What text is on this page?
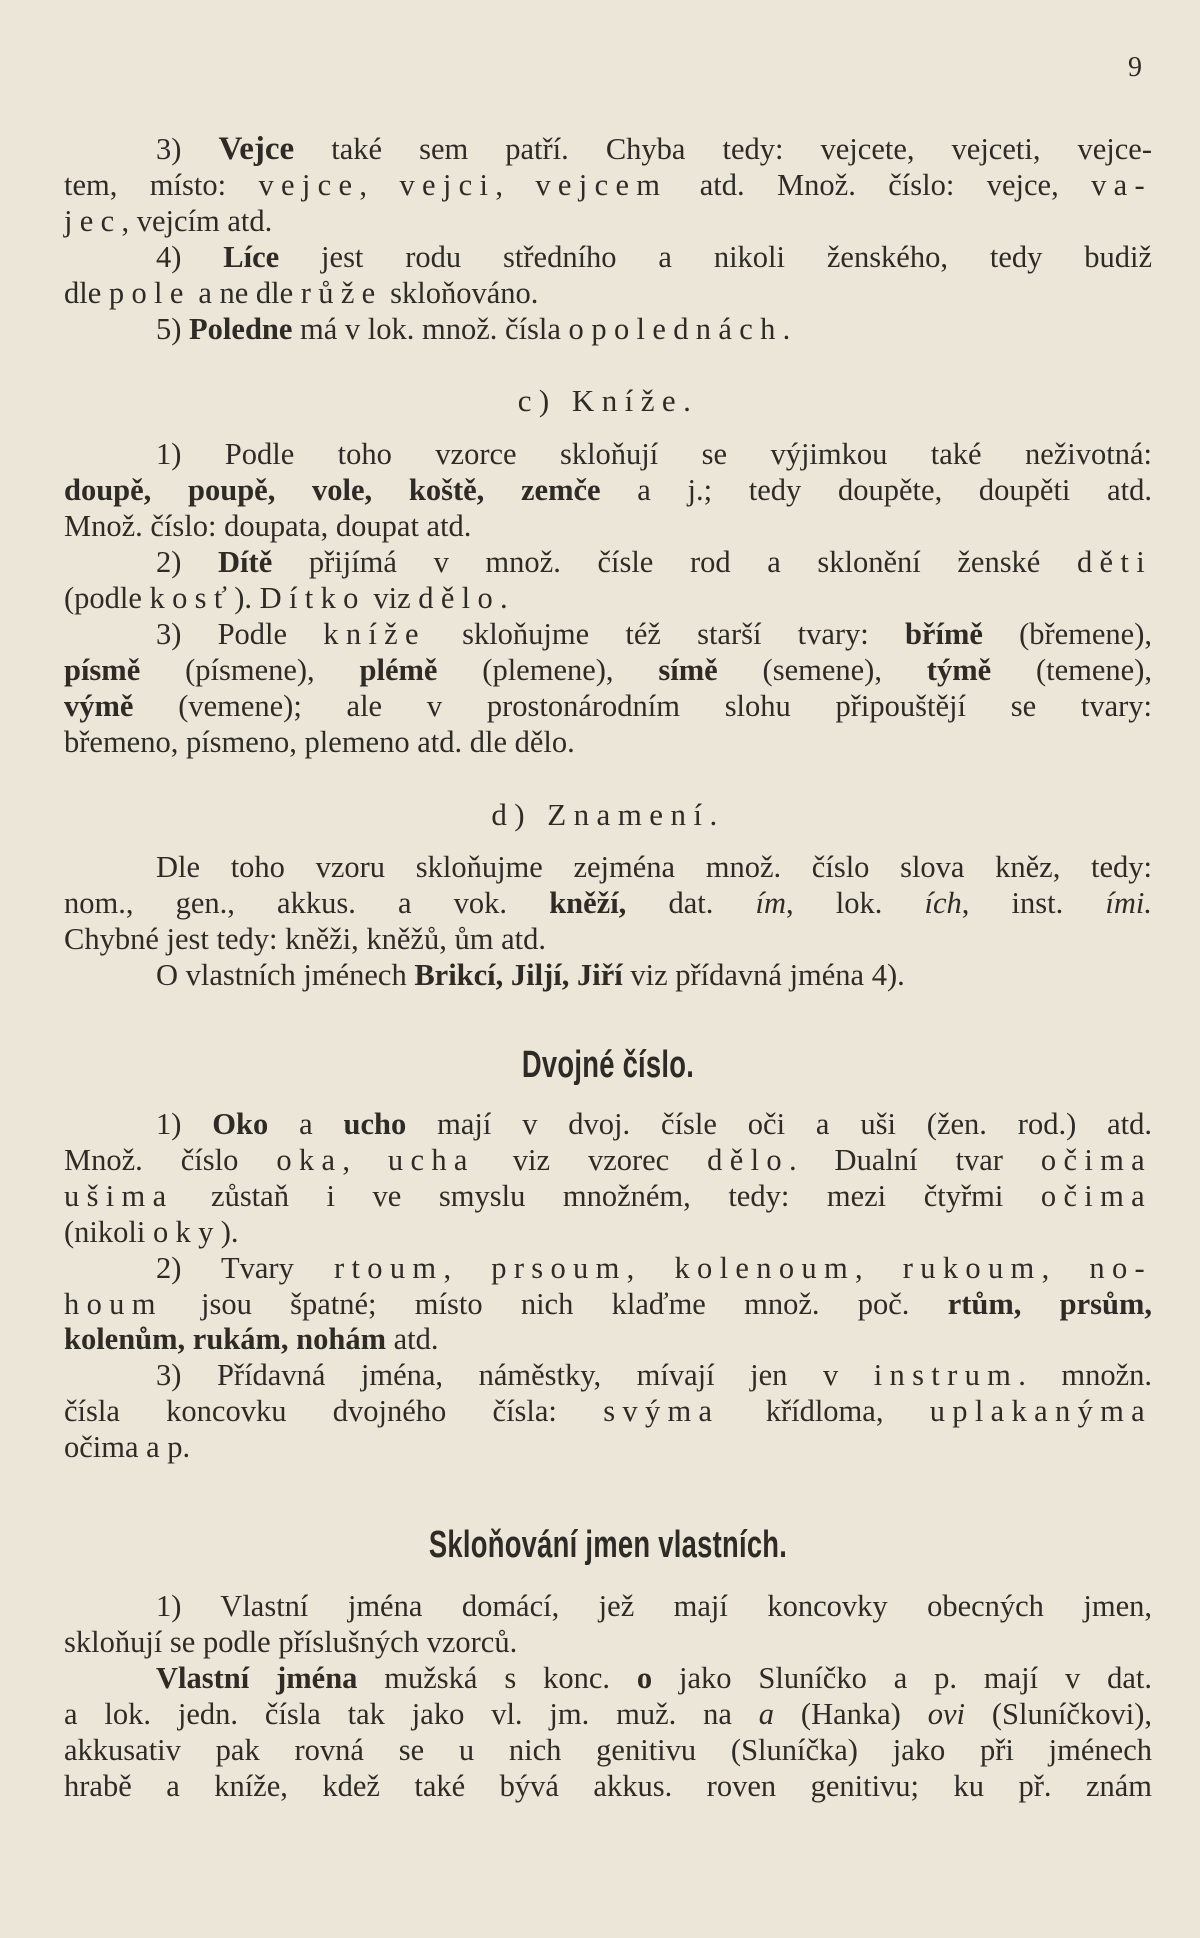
9
3) Vejce také sem patří. Chyba tedy: vejcete, vejceti, vejce-
tem, místo: vejce, vejci, vejcem atd. Množ. číslo: vejce, va-
jec, vejcím atd.
4) Líce jest rodu středního a nikoli ženského, tedy budiž
dle pole a ne dle růže skloňováno.
5) Poledne má v lok. množ. čísla o polednách.
c) Kníže.
1) Podle toho vzorce skloňují se výjimkou také neživotná:
doupě, poupě, vole, koště, zemče a j.; tedy doupěte, doupěti atd.
Množ. číslo: doupata, doupat atd.
2) Dítě přijímá v množ. čísle rod a sklonění ženské děti
(podle kosť). Dítko viz dělo.
3) Podle kníže skloňujme též starší tvary: břímě (břemene),
písmě (písmene), plémě (plemene), símě (semene), týmě (temene),
výmě (vemene); ale v prostonárodním slohu připouštějí se tvary:
břemeno, písmeno, plemeno atd. dle dělo.
d) Znamení.
Dle toho vzoru skloňujme zejména množ. číslo slova kněz, tedy:
nom., gen., akkus. a vok. kněží, dat. ím, lok. ích, inst. ími.
Chybné jest tedy: kněži, kněžů, ům atd.
O vlastních jménech Brikcí, Jiljí, Jiří viz přídavná jména 4).
Dvojné číslo.
1) Oko a ucho mají v dvoj. čísle oči a uši (žen. rod.) atd.
Množ. číslo oka, ucha viz vzorec dělo. Dualní tvar očima
ušima zůstaň i ve smyslu množném, tedy: mezi čtyřmi očima
(nikoli oky).
2) Tvary rtoum, prsoum, kolenoum, rukoum, no-
houm jsou špatné; místo nich klaďme množ. poč. rtům, prsům,
kolenům, rukám, nohám atd.
3) Přídavná jména, náměstky, mívají jen v instrum. množn.
čísla koncovku dvojného čísla: svýma křídloma, uplakanýma
očima a p.
Skloňování jmen vlastních.
1) Vlastní jména domácí, jež mají koncovky obecných jmen,
skloňují se podle příslušných vzorců.
Vlastní jména mužská s konc. o jako Sluníčko a p. mají v dat.
a lok. jedn. čísla tak jako vl. jm. muž. na a (Hanka) ovi (Sluníčkovi),
akkusativ pak rovná se u nich genitivu (Sluníčka) jako při jménech
hrabě a kníže, kdež také bývá akkus. roven genitivu; ku př. znám
